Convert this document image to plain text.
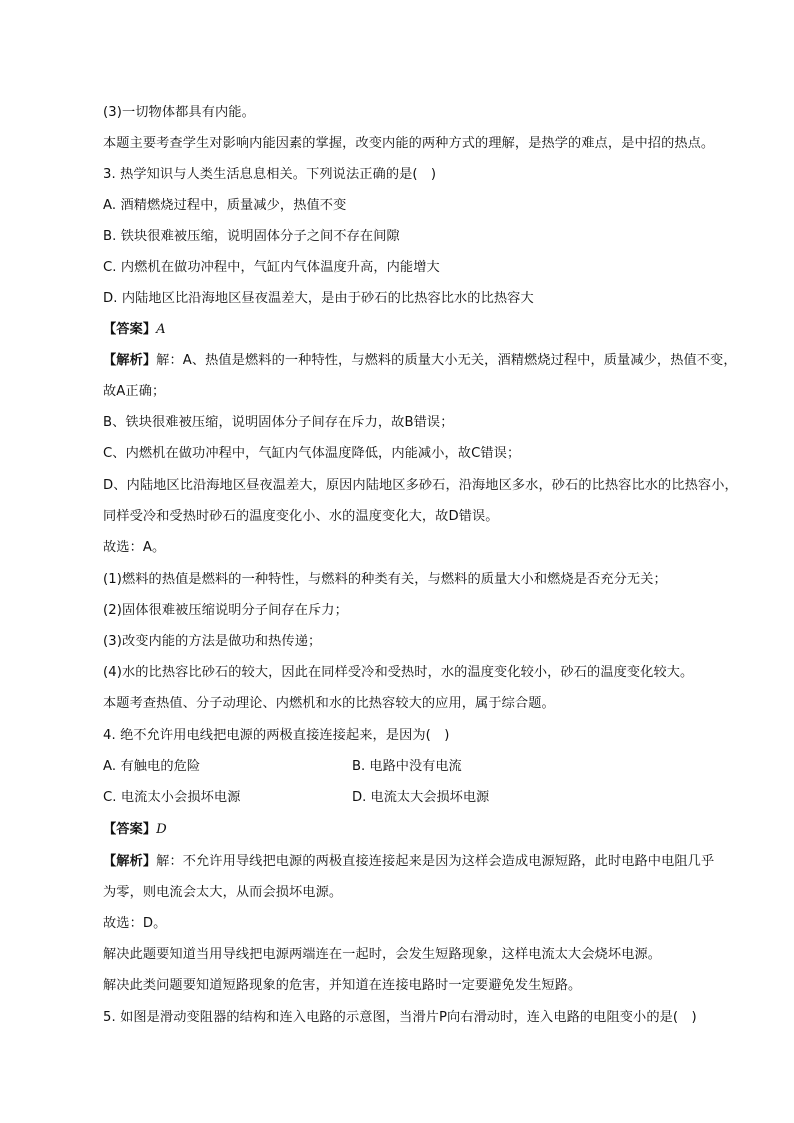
(3)一切物体都具有内能。
本题主要考查学生对影响内能因素的掌握，改变内能的两种方式的理解，是热学的难点，是中招的热点。
3. 热学知识与人类生活息息相关。下列说法正确的是(　)
A. 酒精燃烧过程中，质量减少，热值不变
B. 铁块很难被压缩，说明固体分子之间不存在间隙
C. 内燃机在做功冲程中，气缸内气体温度升高，内能增大
D. 内陆地区比沿海地区昼夜温差大，是由于砂石的比热容比水的比热容大
【答案】A
【解析】解：A、热值是燃料的一种特性，与燃料的质量大小无关，酒精燃烧过程中，质量减少，热值不变，
故A正确；
B、铁块很难被压缩，说明固体分子间存在斥力，故B错误；
C、内燃机在做功冲程中，气缸内气体温度降低，内能减小，故C错误；
D、内陆地区比沿海地区昼夜温差大，原因内陆地区多砂石，沿海地区多水，砂石的比热容比水的比热容小，
同样受冷和受热时砂石的温度变化小、水的温度变化大，故D错误。
故选：A。
(1)燃料的热值是燃料的一种特性，与燃料的种类有关，与燃料的质量大小和燃烧是否充分无关；
(2)固体很难被压缩说明分子间存在斥力；
(3)改变内能的方法是做功和热传递；
(4)水的比热容比砂石的较大，因此在同样受冷和受热时，水的温度变化较小，砂石的温度变化较大。
本题考查热值、分子动理论、内燃机和水的比热容较大的应用，属于综合题。
4. 绝不允许用电线把电源的两极直接连接起来，是因为(　)
A. 有触电的危险	B. 电路中没有电流
C. 电流太小会损坏电源	D. 电流太大会损坏电源
【答案】D
【解析】解：不允许用导线把电源的两极直接连接起来是因为这样会造成电源短路，此时电路中电阻几乎
为零，则电流会太大，从而会损坏电源。
故选：D。
解决此题要知道当用导线把电源两端连在一起时，会发生短路现象，这样电流太大会烧坏电源。
解决此类问题要知道短路现象的危害，并知道在连接电路时一定要避免发生短路。
5. 如图是滑动变阻器的结构和连入电路的示意图，当滑片P向右滑动时，连入电路的电阻变小的是(　)
